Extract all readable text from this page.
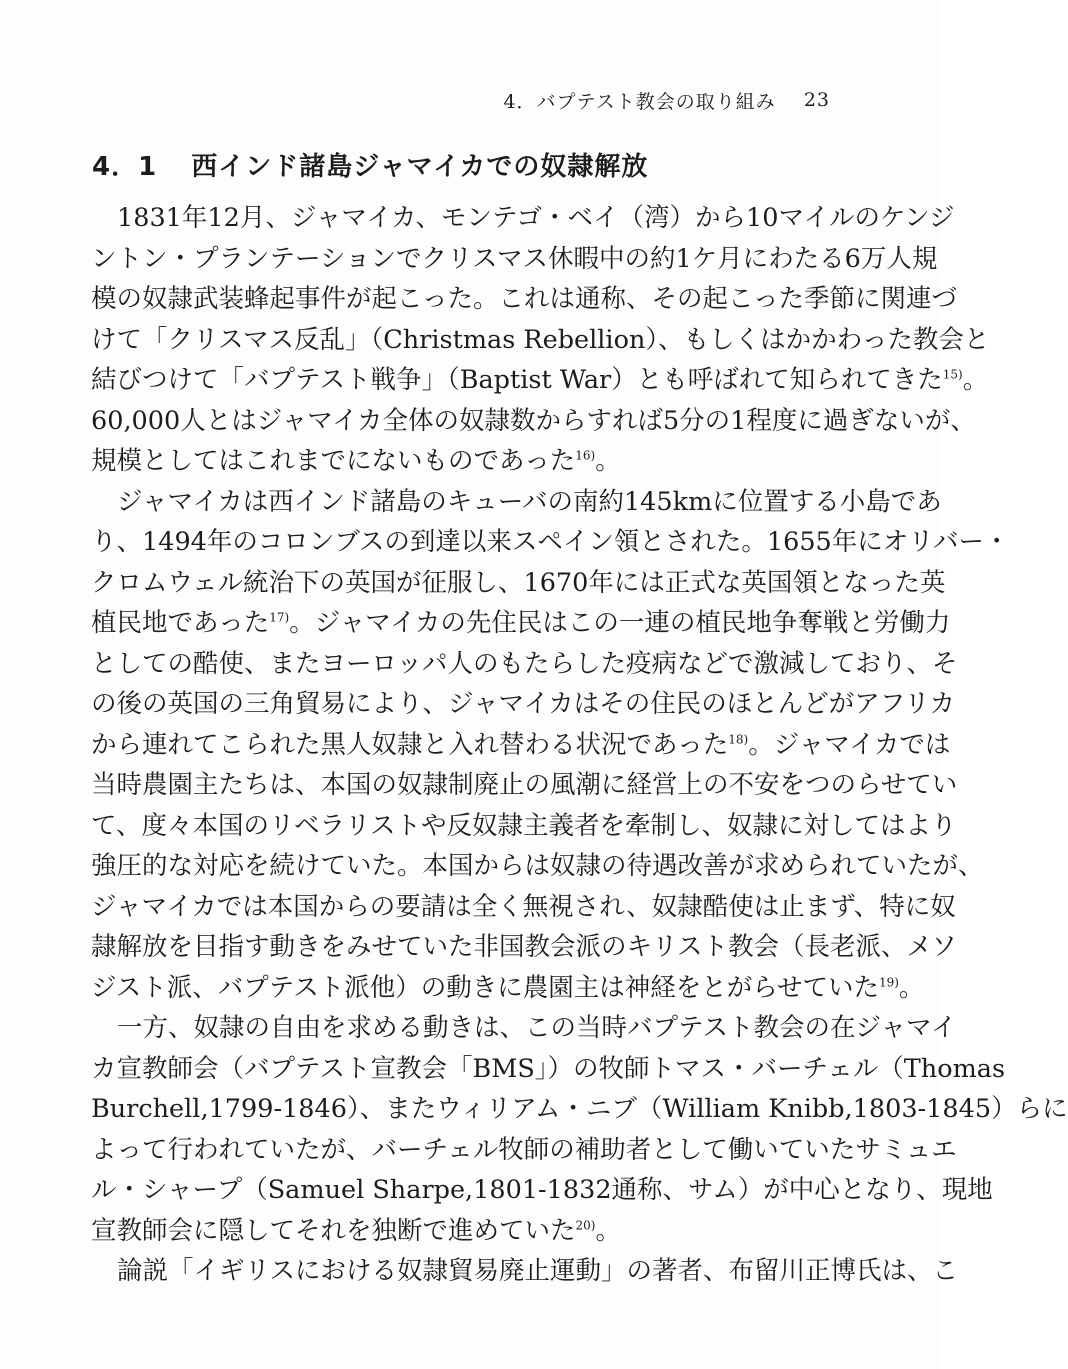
4．バプテスト教会の取り組み 23
4．1 西インド諸島ジャマイカでの奴隷解放
1831年12月、ジャマイカ、モンテゴ・ベイ（湾）から10マイルのケンジ
ントン・プランテーションでクリスマス休暇中の約1ケ月にわたる6万人規
模の奴隷武装蜂起事件が起こった。これは通称、その起こった季節に関連づ
けて「クリスマス反乱」（Christmas Rebellion）、もしくはかかわった教会と
結びつけて「バプテスト戦争」（Baptist War）とも呼ばれて知られてきた$^{15)}$。
60,000人とはジャマイカ全体の奴隷数からすれば5分の1程度に過ぎないが、
規模としてはこれまでにないものであった$^{16)}$。
ジャマイカは西インド諸島のキューバの南約145kmに位置する小島であ
り、1494年のコロンブスの到達以来スペイン領とされた。1655年にオリバー・
クロムウェル統治下の英国が征服し、1670年には正式な英国領となった英
植民地であった$^{17)}$。ジャマイカの先住民はこの一連の植民地争奪戦と労働力
としての酷使、またヨーロッパ人のもたらした疫病などで激減しており、そ
の後の英国の三角貿易により、ジャマイカはその住民のほとんどがアフリカ
から連れてこられた黒人奴隷と入れ替わる状況であった$^{18)}$。ジャマイカでは
当時農園主たちは、本国の奴隷制廃止の風潮に経営上の不安をつのらせてい
て、度々本国のリベラリストや反奴隷主義者を牽制し、奴隷に対してはより
強圧的な対応を続けていた。本国からは奴隷の待遇改善が求められていたが、
ジャマイカでは本国からの要請は全く無視され、奴隷酷使は止まず、特に奴
隷解放を目指す動きをみせていた非国教会派のキリスト教会（長老派、メソ
ジスト派、バプテスト派他）の動きに農園主は神経をとがらせていた$^{19)}$。
一方、奴隷の自由を求める動きは、この当時バプテスト教会の在ジャマイ
カ宣教師会（バプテスト宣教会「BMS」）の牧師トマス・バーチェル（Thomas
Burchell,1799-1846）、またウィリアム・ニブ（William Knibb,1803-1845）らに
よって行われていたが、バーチェル牧師の補助者として働いていたサミュエ
ル・シャープ（Samuel Sharpe,1801-1832通称、サム）が中心となり、現地
宣教師会に隠してそれを独断で進めていた$^{20)}$。
論説「イギリスにおける奴隷貿易廃止運動」の著者、布留川正博氏は、こ
